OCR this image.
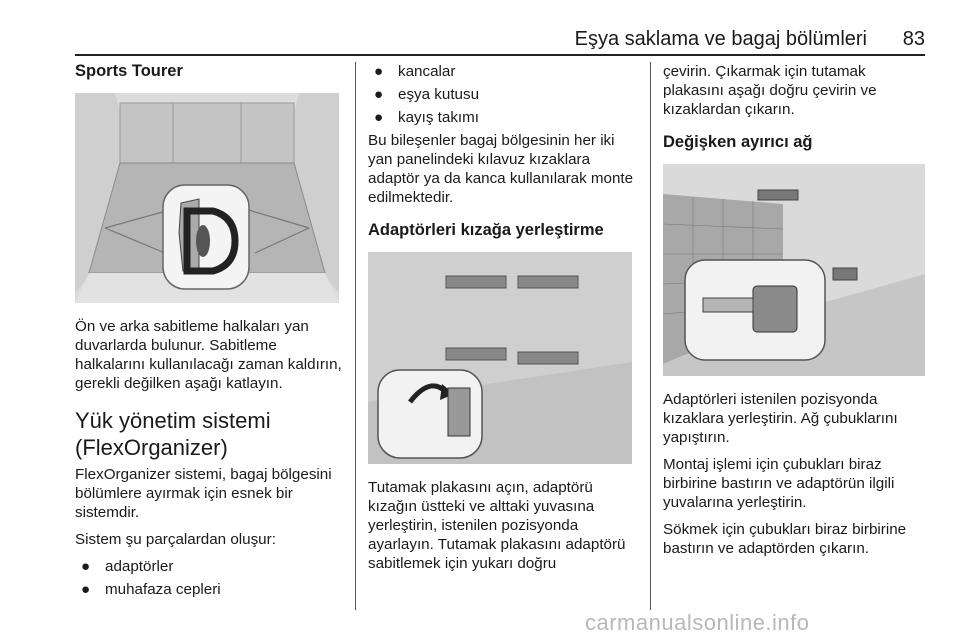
Eşya saklama ve bagaj bölümleri 83
Sports Tourer

Ön ve arka sabitleme halkaları yan duvarlarda bulunur. Sabitleme halkalarını kullanılacağı zaman kaldırın, gerekli değilken aşağı katlayın.

Yük yönetim sistemi
(FlexOrganizer)

FlexOrganizer sistemi, bagaj bölgesini bölümlere ayırmak için esnek bir sistemdir.

Sistem şu parçalardan oluşur:

● adaptörler
● muhafaza cepleri
● kancalar
● eşya kutusu
● kayış takımı

Bu bileşenler bagaj bölgesinin her iki yan panelindeki kılavuz kızaklara adaptör ya da kanca kullanılarak monte edilmektedir.

Adaptörleri kızağa yerleştirme

Tutamak plakasını açın, adaptörü kızağın üstteki ve alttaki yuvasına yerleştirin, istenilen pozisyonda ayarlayın. Tutamak plakasını adaptörü sabitlemek için yukarı doğru

çevirin. Çıkarmak için tutamak plakasını aşağı doğru çevirin ve kızaklardan çıkarın.

Değişken ayırıcı ağ

Adaptörleri istenilen pozisyonda kızaklara yerleştirin. Ağ çubuklarını yapıştırın.

Montaj işlemi için çubukları biraz birbirine bastırın ve adaptörün ilgili yuvalarına yerleştirin.

Sökmek için çubukları biraz birbirine bastırın ve adaptörden çıkarın.

carmanualsonline.info
